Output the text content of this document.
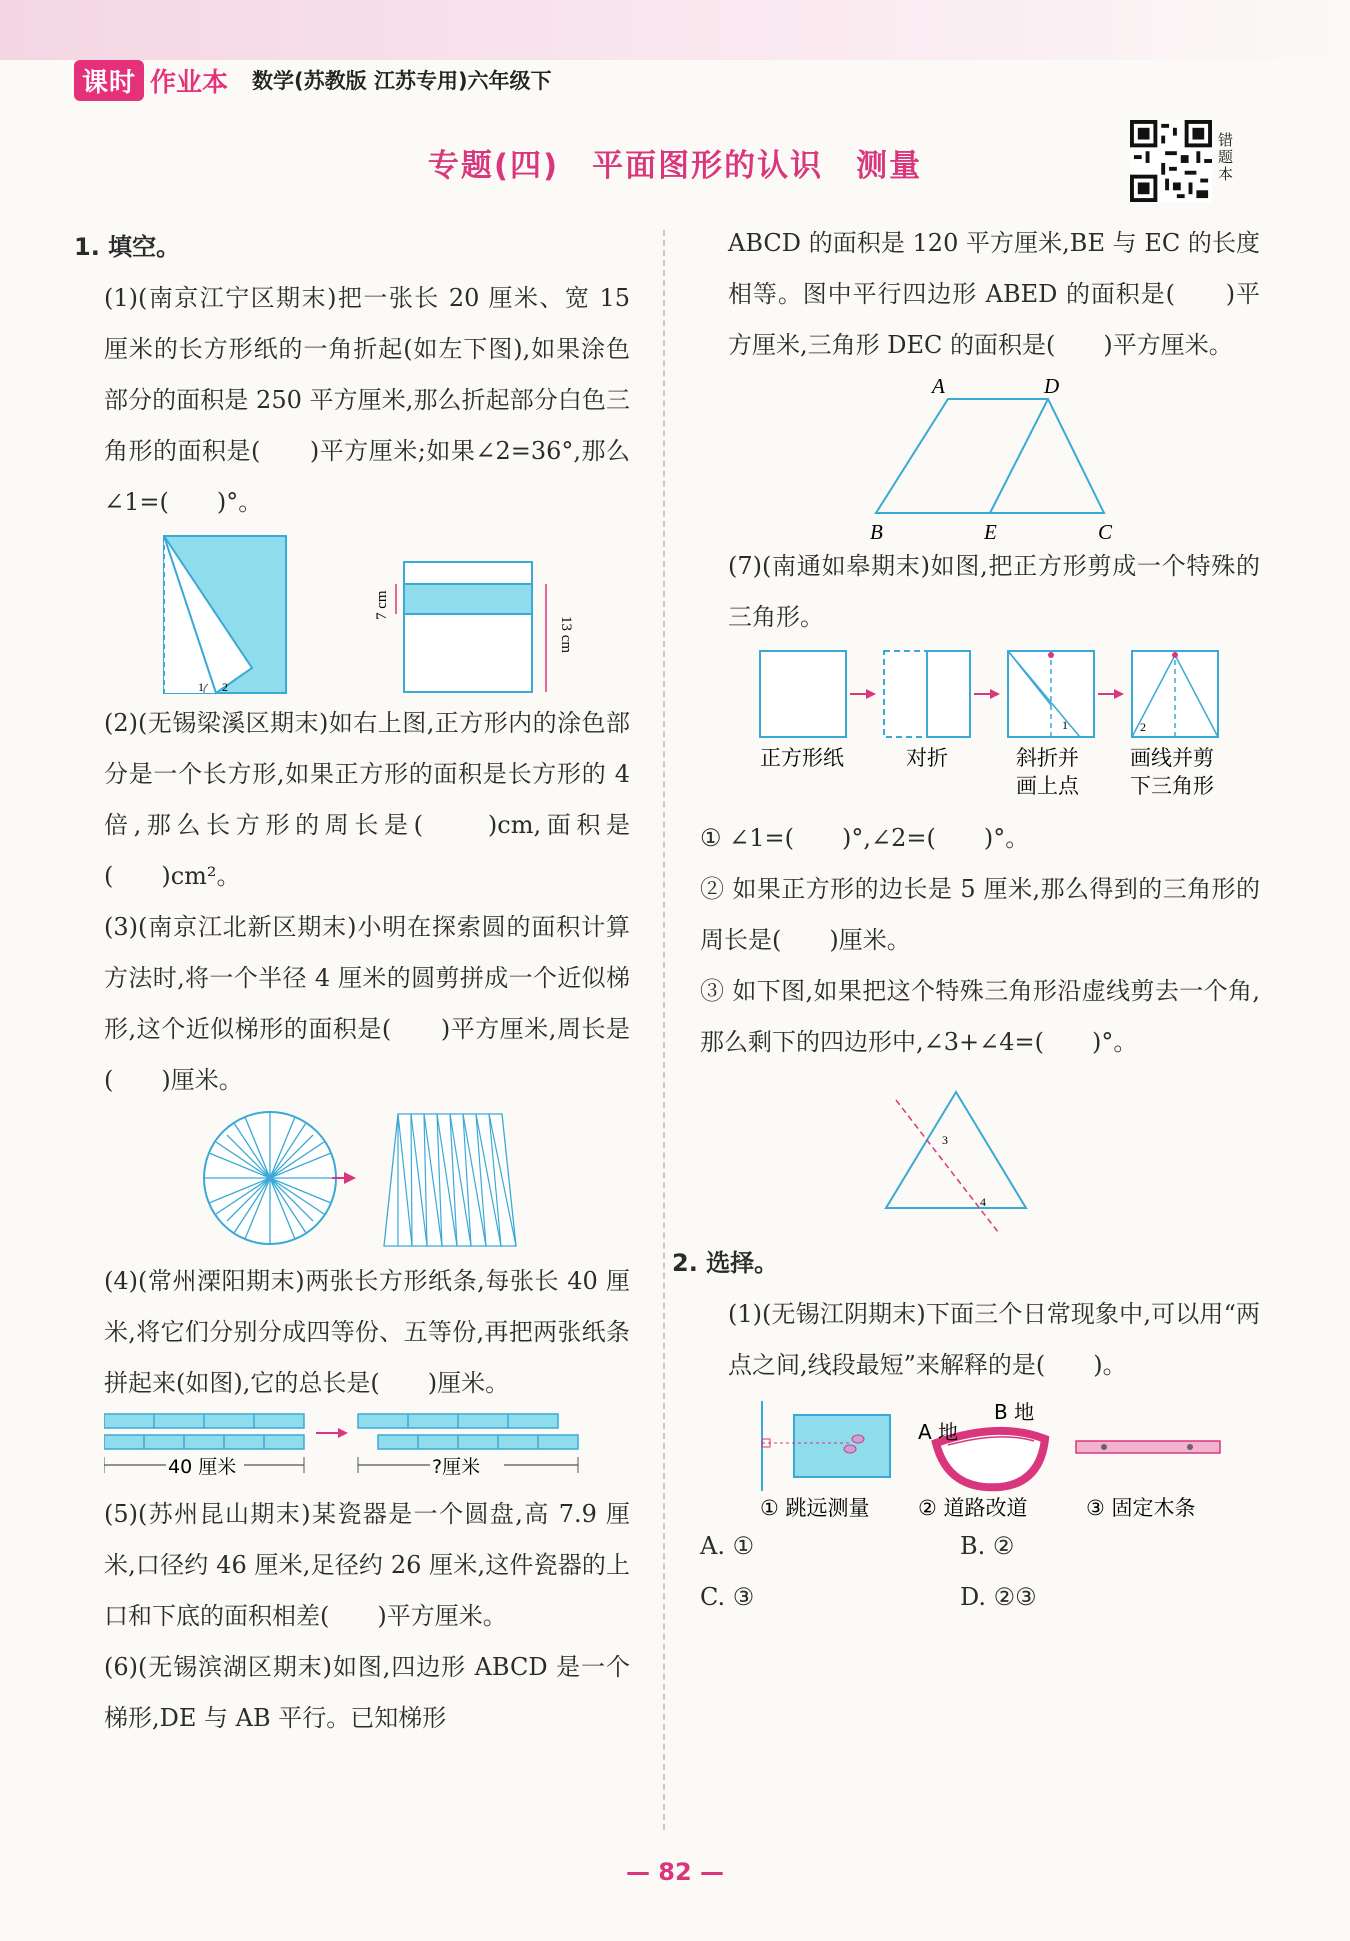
课时 作业本 数学(苏教版 江苏专用)六年级下
专题(四)　平面图形的认识　测量
错题本

1. 填空。

(1)(南京江宁区期末)把一张长 20 厘米、宽 15 厘米的长方形纸的一角折起(如左下图),如果涂色部分的面积是 250 平方厘米,那么折起部分白色三角形的面积是(　　)平方厘米;如果∠2=36°,那么∠1=(　　)°。

1 2
7 cm
13 cm

(2)(无锡梁溪区期末)如右上图,正方形内的涂色部分是一个长方形,如果正方形的面积是长方形的 4 倍,那么长方形的周长是(　　)cm,面积是(　　)cm²。

(3)(南京江北新区期末)小明在探索圆的面积计算方法时,将一个半径 4 厘米的圆剪拼成一个近似梯形,这个近似梯形的面积是(　　)平方厘米,周长是(　　)厘米。

(4)(常州溧阳期末)两张长方形纸条,每张长 40 厘米,将它们分别分成四等份、五等份,再把两张纸条拼起来(如图),它的总长是(　　)厘米。

40 厘米	?厘米

(5)(苏州昆山期末)某瓷器是一个圆盘,高 7.9 厘米,口径约 46 厘米,足径约 26 厘米,这件瓷器的上口和下底的面积相差(　　)平方厘米。

(6)(无锡滨湖区期末)如图,四边形 ABCD 是一个梯形,DE 与 AB 平行。已知梯形

ABCD 的面积是 120 平方厘米,BE 与 EC 的长度相等。图中平行四边形 ABED 的面积是(　　)平方厘米,三角形 DEC 的面积是(　　)平方厘米。

A	D
B	E	C

(7)(南通如皋期末)如图,把正方形剪成一个特殊的三角形。

1	2
正方形纸	对折	斜折并
画上点
画线并剪
下三角形

① ∠1=(　　)°,∠2=(　　)°。

② 如果正方形的边长是 5 厘米,那么得到的三角形的周长是(　　)厘米。

③ 如下图,如果把这个特殊三角形沿虚线剪去一个角,那么剩下的四边形中,∠3+∠4=(　　)°。

3
4

2. 选择。

(1)(无锡江阴期末)下面三个日常现象中,可以用“两点之间,线段最短”来解释的是(　　)。

A 地
B 地
① 跳远测量 ② 道路改道	③ 固定木条
A. ①	B. ②
C. ③	D. ②③
— 82 —
